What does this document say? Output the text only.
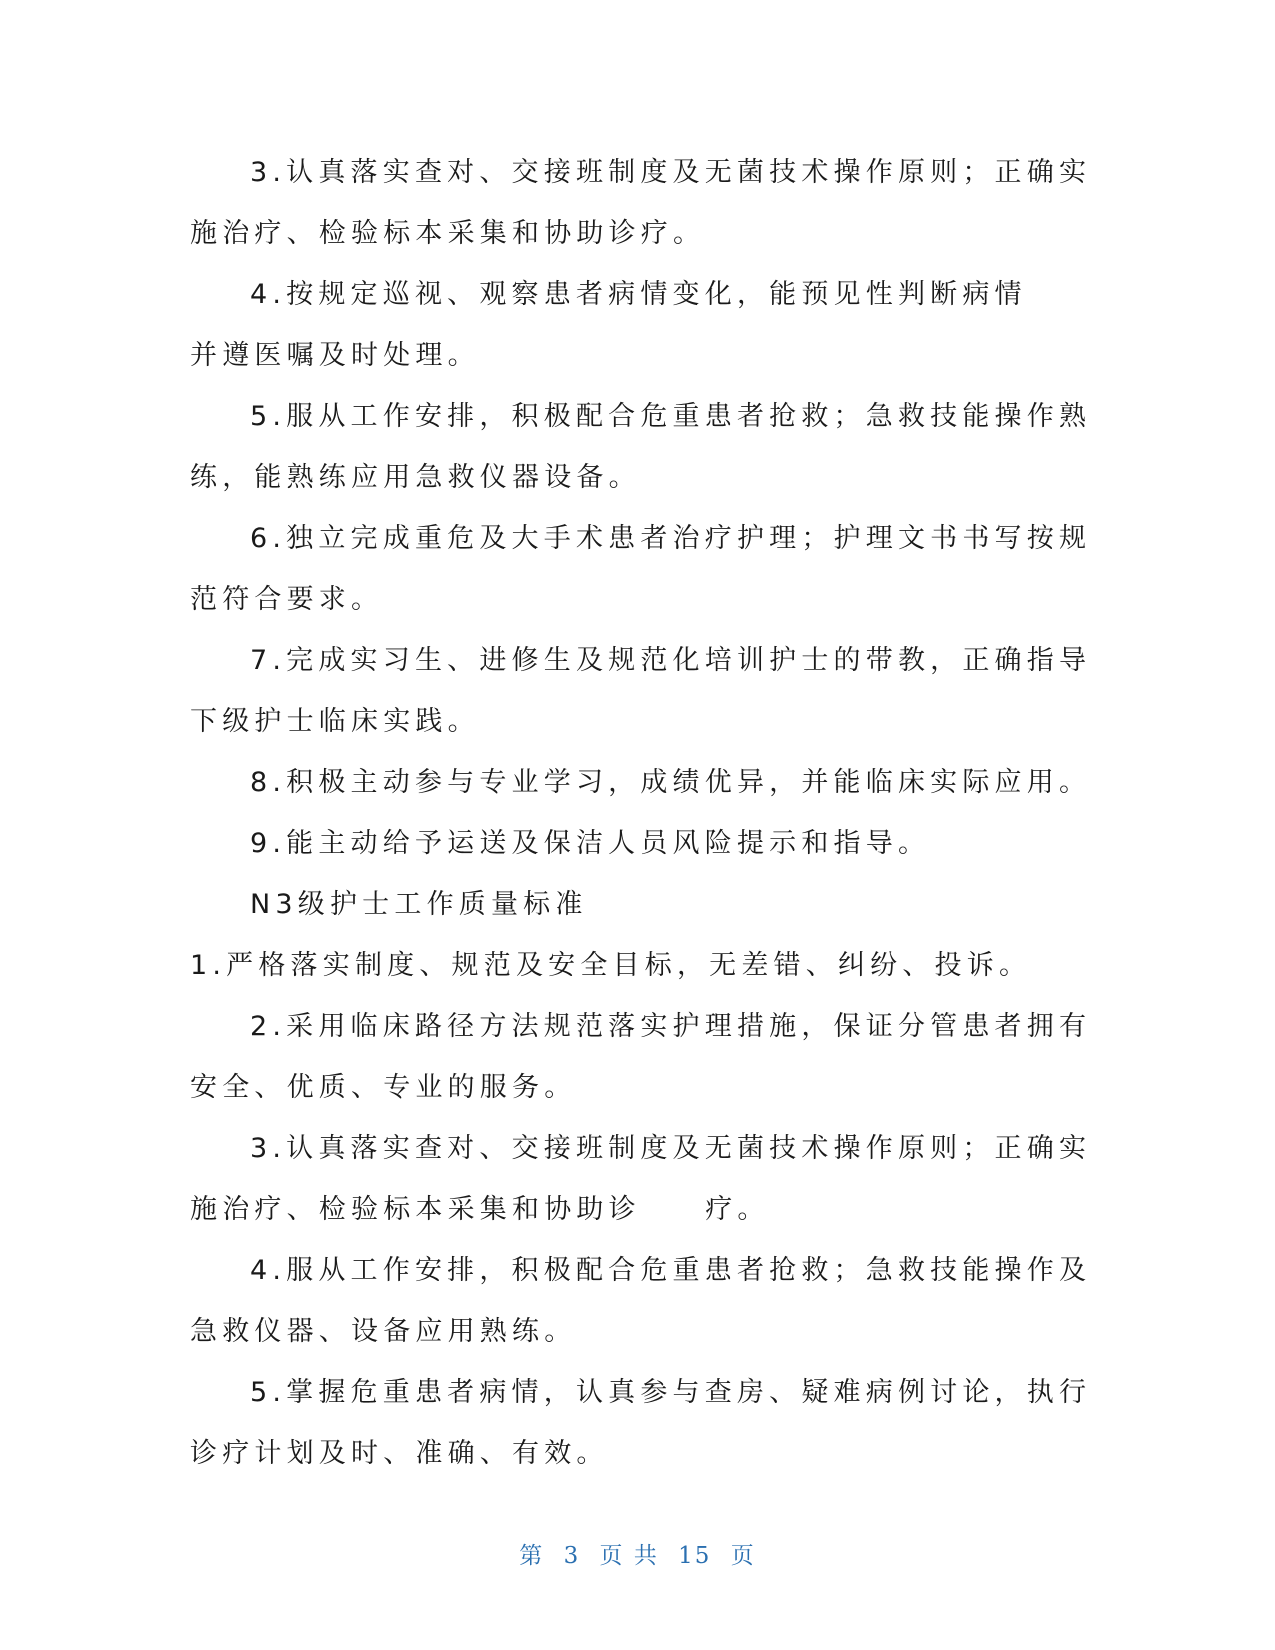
3.认真落实查对、交接班制度及无菌技术操作原则；正确实
施治疗、检验标本采集和协助诊疗。
4.按规定巡视、观察患者病情变化，能预见性判断病情
并遵医嘱及时处理。
5.服从工作安排，积极配合危重患者抢救；急救技能操作熟
练，能熟练应用急救仪器设备。
6.独立完成重危及大手术患者治疗护理；护理文书书写按规
范符合要求。
7.完成实习生、进修生及规范化培训护士的带教，正确指导
下级护士临床实践。
8.积极主动参与专业学习，成绩优异，并能临床实际应用。
9.能主动给予运送及保洁人员风险提示和指导。
N3级护士工作质量标准
1.严格落实制度、规范及安全目标，无差错、纠纷、投诉。
2.采用临床路径方法规范落实护理措施，保证分管患者拥有
安全、优质、专业的服务。
3.认真落实查对、交接班制度及无菌技术操作原则；正确实
施治疗、检验标本采集和协助诊　　疗。
4.服从工作安排，积极配合危重患者抢救；急救技能操作及
急救仪器、设备应用熟练。
5.掌握危重患者病情，认真参与查房、疑难病例讨论，执行
诊疗计划及时、准确、有效。
第 3 页 共 15 页
